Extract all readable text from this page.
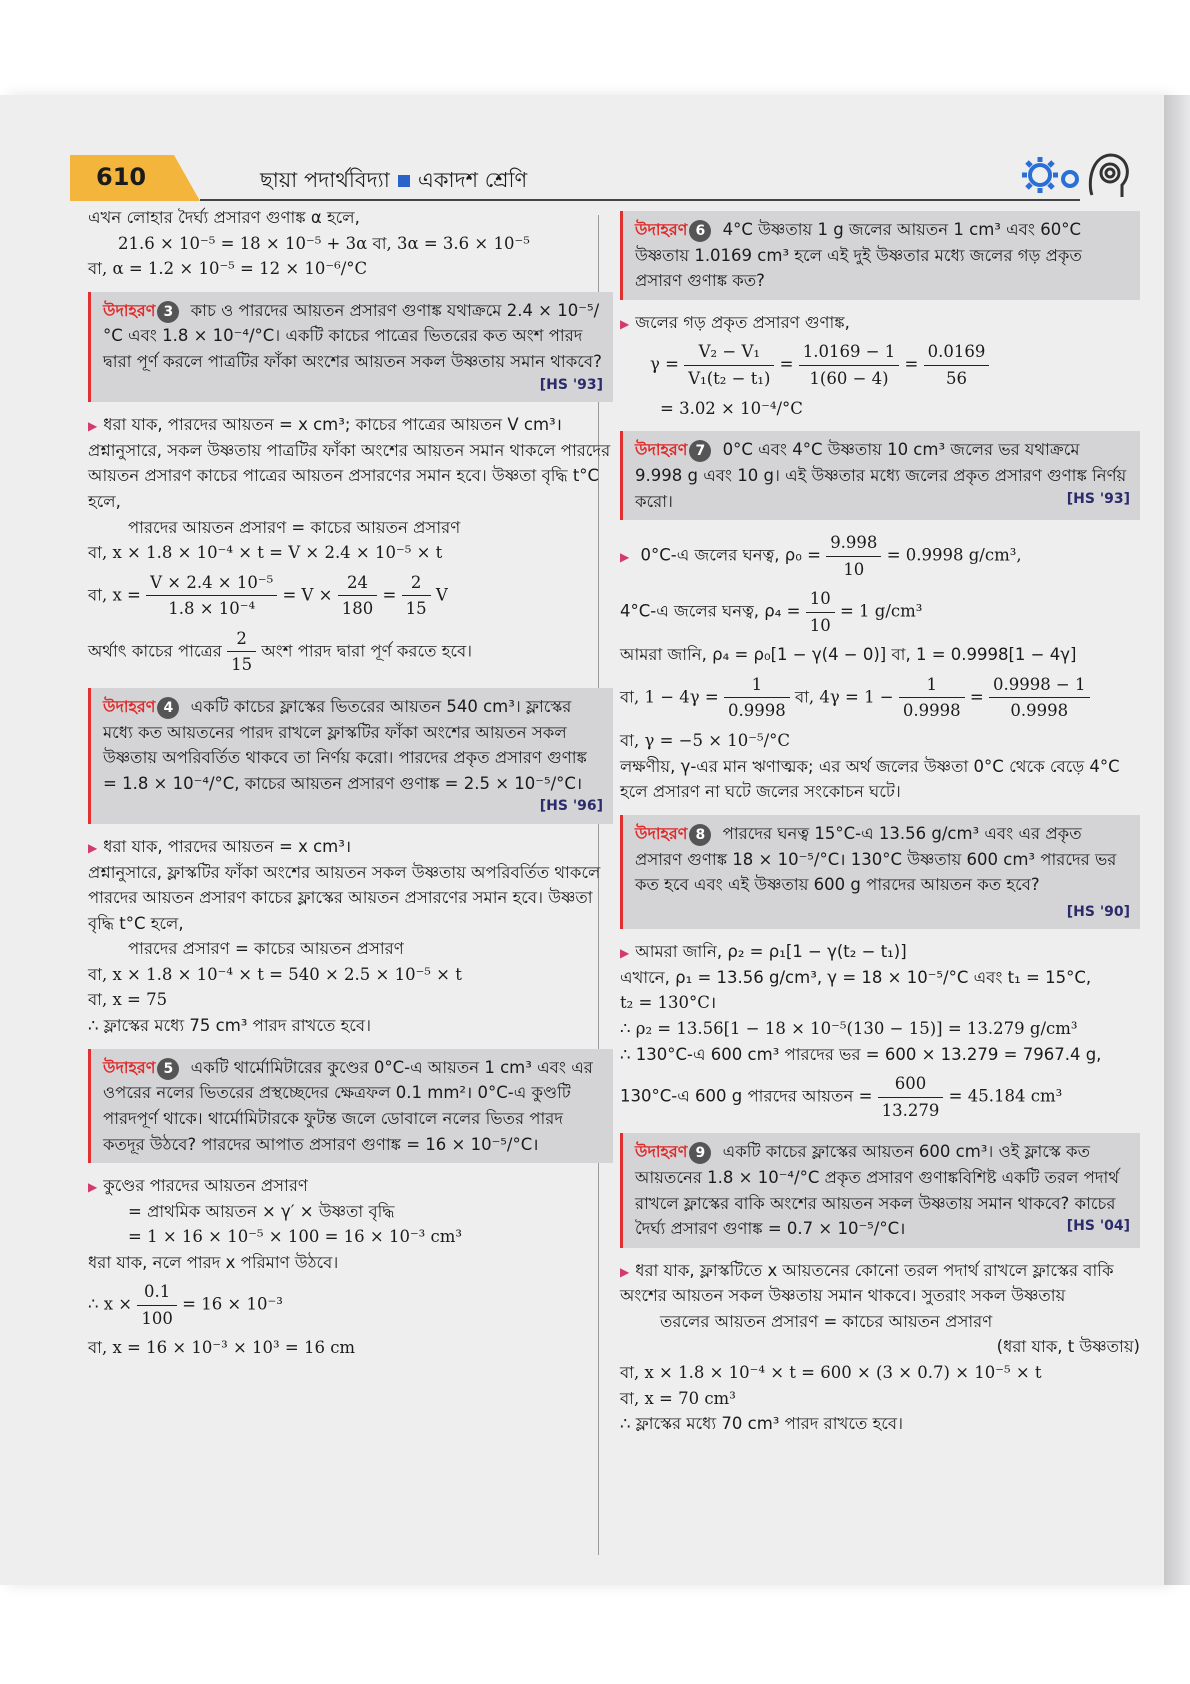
610	ছায়া পদার্থবিদ্যা একাদশ শ্রেণি
এখন লোহার দৈর্ঘ্য প্রসারণ গুণাঙ্ক α হলে,
21.6 × 10⁻⁵ = 18 × 10⁻⁵ + 3α বা, 3α = 3.6 × 10⁻⁵
বা, α = 1.2 × 10⁻⁵ = 12 × 10⁻⁶/°C
উদাহরণ 3 কাচ ও পারদের আয়তন প্রসারণ গুণাঙ্ক যথাক্রমে 2.4 × 10⁻⁵/°C এবং 1.8 × 10⁻⁴/°C। একটি কাচের পাত্রের ভিতরের কত অংশ পারদ দ্বারা পূর্ণ করলে পাত্রটির ফাঁকা অংশের আয়তন সকল উষ্ণতায় সমান থাকবে?
[HS '93]
▶ ধরা যাক, পারদের আয়তন = x cm³; কাচের পাত্রের আয়তন V cm³।
প্রশ্নানুসারে, সকল উষ্ণতায় পাত্রটির ফাঁকা অংশের আয়তন সমান থাকলে পারদের আয়তন প্রসারণ কাচের পাত্রের আয়তন প্রসারণের সমান হবে। উষ্ণতা বৃদ্ধি t°C হলে,
পারদের আয়তন প্রসারণ = কাচের আয়তন প্রসারণ
বা, x × 1.8 × 10⁻⁴ × t = V × 2.4 × 10⁻⁵ × t
বা, $x = \frac{\text{V × 2.4 × 10⁻⁵}}{\text{1.8 × 10⁻⁴}} = V \times \frac{24}{180} = \frac{2}{15}$ V
অর্থাৎ কাচের পাত্রের $\frac{2}{15}$ অংশ পারদ দ্বারা পূর্ণ করতে হবে।
উদাহরণ 4 একটি কাচের ফ্লাস্কের ভিতরের আয়তন 540 cm³। ফ্লাস্কের মধ্যে কত আয়তনের পারদ রাখলে ফ্লাস্কটির ফাঁকা অংশের আয়তন সকল উষ্ণতায় অপরিবর্তিত থাকবে তা নির্ণয় করো। পারদের প্রকৃত প্রসারণ গুণাঙ্ক = 1.8 × 10⁻⁴/°C, কাচের আয়তন প্রসারণ গুণাঙ্ক = 2.5 × 10⁻⁵/°C।
[HS '96]
▶ ধরা যাক, পারদের আয়তন = x cm³।
প্রশ্নানুসারে, ফ্লাস্কটির ফাঁকা অংশের আয়তন সকল উষ্ণতায় অপরিবর্তিত থাকলে পারদের আয়তন প্রসারণ কাচের ফ্লাস্কের আয়তন প্রসারণের সমান হবে। উষ্ণতা বৃদ্ধি t°C হলে,
পারদের প্রসারণ = কাচের আয়তন প্রসারণ
বা, x × 1.8 × 10⁻⁴ × t = 540 × 2.5 × 10⁻⁵ × t
বা, x = 75
∴ ফ্লাস্কের মধ্যে 75 cm³ পারদ রাখতে হবে।
উদাহরণ 5 একটি থার্মোমিটারের কুণ্ডের 0°C-এ আয়তন 1 cm³ এবং এর ওপরের নলের ভিতরের প্রস্থচ্ছেদের ক্ষেত্রফল 0.1 mm²। 0°C-এ কুণ্ডটি পারদপূর্ণ থাকে। থার্মোমিটারকে ফুটন্ত জলে ডোবালে নলের ভিতর পারদ কতদূর উঠবে? পারদের আপাত প্রসারণ গুণাঙ্ক = 16 × 10⁻⁵/°C।
▶ কুণ্ডের পারদের আয়তন প্রসারণ
= প্রাথমিক আয়তন × γ′ × উষ্ণতা বৃদ্ধি
= 1 × 16 × 10⁻⁵ × 100 = 16 × 10⁻³ cm³
ধরা যাক, নলে পারদ x পরিমাণ উঠবে।
∴ $x \times \frac{0.1}{100} = 16 \times 10^{-3}$
বা, x = 16 × 10⁻³ × 10³ = 16 cm
উদাহরণ 6 4°C উষ্ণতায় 1 g জলের আয়তন 1 cm³ এবং 60°C উষ্ণতায় 1.0169 cm³ হলে এই দুই উষ্ণতার মধ্যে জলের গড় প্রকৃত প্রসারণ গুণাঙ্ক কত?
▶ জলের গড় প্রকৃত প্রসারণ গুণাঙ্ক,
$\gamma = \frac{\text{V₂ − V₁}}{\text{V₁(t₂ − t₁)}} = \frac{1.0169 - 1}{1(60 - 4)} = \frac{0.0169}{56}$
= 3.02 × 10⁻⁴/°C
উদাহরণ 7 0°C এবং 4°C উষ্ণতায় 10 cm³ জলের ভর যথাক্রমে 9.998 g এবং 10 g। এই উষ্ণতার মধ্যে জলের প্রকৃত প্রসারণ গুণাঙ্ক নির্ণয় করো।	[HS '93]
▶ 0°C-এ জলের ঘনত্ব, $\rho_0 = \frac{9.998}{10} = 0.9998$ g/cm³,
4°C-এ জলের ঘনত্ব, $\rho_4 = \frac{10}{10} = 1$ g/cm³
আমরা জানি, ρ₄ = ρ₀[1 − γ(4 − 0)] বা, 1 = 0.9998[1 − 4γ]
বা, $1 - 4\gamma = \frac{1}{0.9998}$ বা, $4\gamma = 1 - \frac{1}{0.9998} = \frac{0.9998 - 1}{0.9998}$
বা, γ = −5 × 10⁻⁵/°C
লক্ষণীয়, γ-এর মান ঋণাত্মক; এর অর্থ জলের উষ্ণতা 0°C থেকে বেড়ে 4°C হলে প্রসারণ না ঘটে জলের সংকোচন ঘটে।
উদাহরণ 8 পারদের ঘনত্ব 15°C-এ 13.56 g/cm³ এবং এর প্রকৃত প্রসারণ গুণাঙ্ক 18 × 10⁻⁵/°C। 130°C উষ্ণতায় 600 cm³ পারদের ভর কত হবে এবং এই উষ্ণতায় 600 g পারদের আয়তন কত হবে?
[HS '90]
▶ আমরা জানি, ρ₂ = ρ₁[1 − γ(t₂ − t₁)]
এখানে, ρ₁ = 13.56 g/cm³, γ = 18 × 10⁻⁵/°C এবং t₁ = 15°C,
t₂ = 130°C।
∴ ρ₂ = 13.56[1 − 18 × 10⁻⁵(130 − 15)] = 13.279 g/cm³
∴ 130°C-এ 600 cm³ পারদের ভর = 600 × 13.279 = 7967.4 g,
130°C-এ 600 g পারদের আয়তন = $\frac{600}{13.279} = 45.184$ cm³
উদাহরণ 9 একটি কাচের ফ্লাস্কের আয়তন 600 cm³। ওই ফ্লাস্কে কত আয়তনের 1.8 × 10⁻⁴/°C প্রকৃত প্রসারণ গুণাঙ্কবিশিষ্ট একটি তরল পদার্থ রাখলে ফ্লাস্কের বাকি অংশের আয়তন সকল উষ্ণতায় সমান থাকবে? কাচের দৈর্ঘ্য প্রসারণ গুণাঙ্ক = 0.7 × 10⁻⁵/°C।	[HS '04]
▶ ধরা যাক, ফ্লাস্কটিতে x আয়তনের কোনো তরল পদার্থ রাখলে ফ্লাস্কের বাকি অংশের আয়তন সকল উষ্ণতায় সমান থাকবে। সুতরাং সকল উষ্ণতায়
তরলের আয়তন প্রসারণ = কাচের আয়তন প্রসারণ
(ধরা যাক, t উষ্ণতায়)
বা, x × 1.8 × 10⁻⁴ × t = 600 × (3 × 0.7) × 10⁻⁵ × t
বা, x = 70 cm³
∴ ফ্লাস্কের মধ্যে 70 cm³ পারদ রাখতে হবে।
